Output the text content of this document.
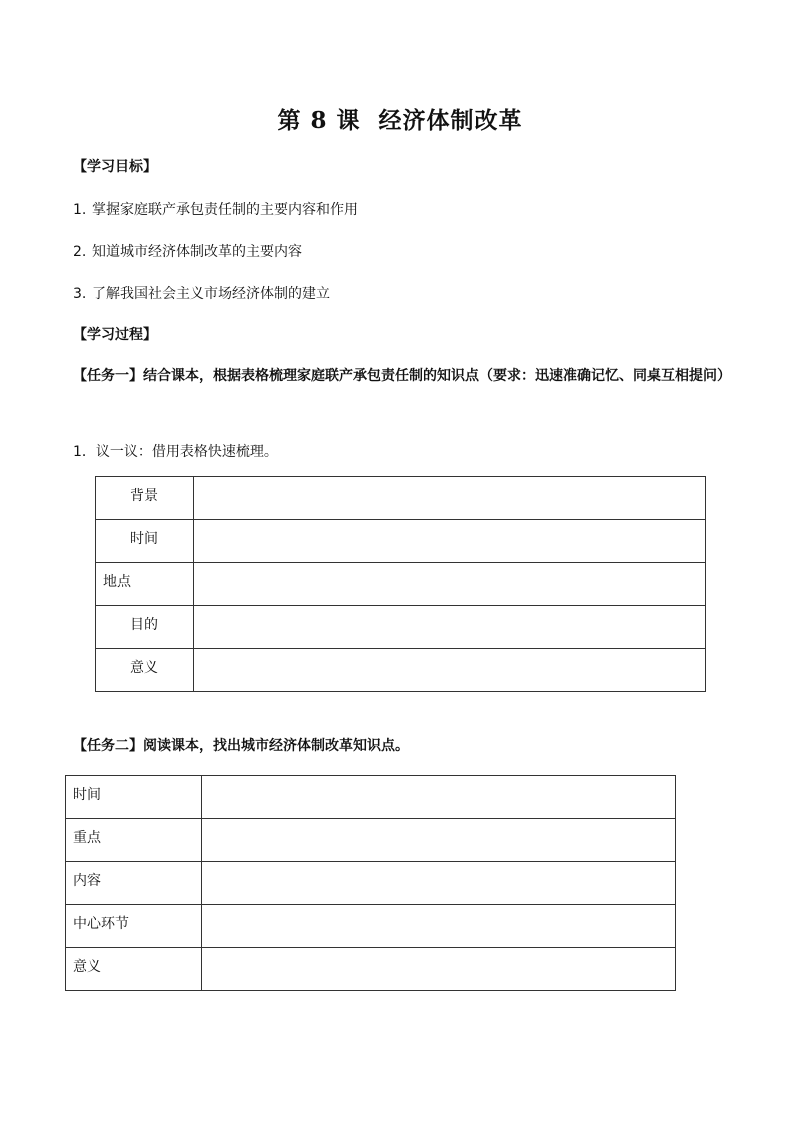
第 8 课 经济体制改革
【学习目标】
1. 掌握家庭联产承包责任制的主要内容和作用
2. 知道城市经济体制改革的主要内容
3. 了解我国社会主义市场经济体制的建立
【学习过程】
【任务一】结合课本，根据表格梳理家庭联产承包责任制的知识点（要求：迅速准确记忆、同桌互相提问）
1．议一议：借用表格快速梳理。
背景	
时间	
地点	
目的	
意义	
【任务二】阅读课本，找出城市经济体制改革知识点。
时间	
重点	
内容	
中心环节	
意义	
